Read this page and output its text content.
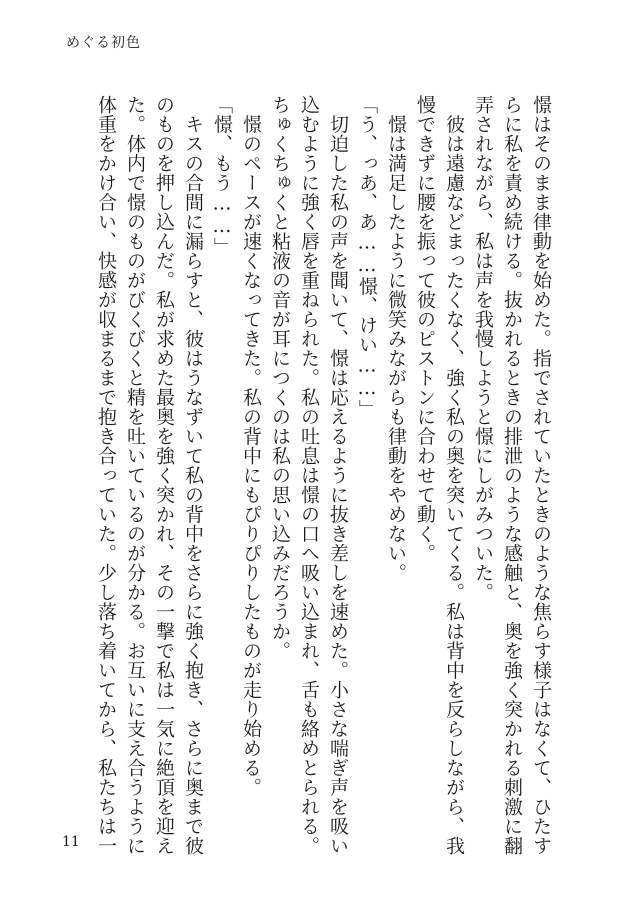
めぐる初色

憬はそのまま律動を始めた。指でされていたときのような焦らす様子はなくて、ひたす

らに私を責め続ける。抜かれるときの排泄のような感触と、奥を強く突かれる刺激に翻

弄されながら、私は声を我慢しようと憬にしがみついた。

　彼は遠慮などまったくなく、強く私の奥を突いてくる。私は背中を反らしながら、我

慢できずに腰を振って彼のピストンに合わせて動く。

　憬は満足したように微笑みながらも律動をやめない。

「う、っあ、あ……憬、けい……」

　切迫した私の声を聞いて、憬は応えるように抜き差しを速めた。小さな喘ぎ声を吸い

込むように強く唇を重ねられた。私の吐息は憬の口へ吸い込まれ、舌も絡めとられる。

ちゅくちゅくと粘液の音が耳につくのは私の思い込みだろうか。

　憬のペースが速くなってきた。私の背中にもぴりぴりしたものが走り始める。

「憬、もう……」

　キスの合間に漏らすと、彼はうなずいて私の背中をさらに強く抱き、さらに奥まで彼

のものを押し込んだ。私が求めた最奥を強く突かれ、その一撃で私は一気に絶頂を迎え

た。体内で憬のものがびくびくと精を吐いているのが分かる。お互いに支え合うように

体重をかけ合い、快感が収まるまで抱き合っていた。少し落ち着いてから、私たちは一

11
